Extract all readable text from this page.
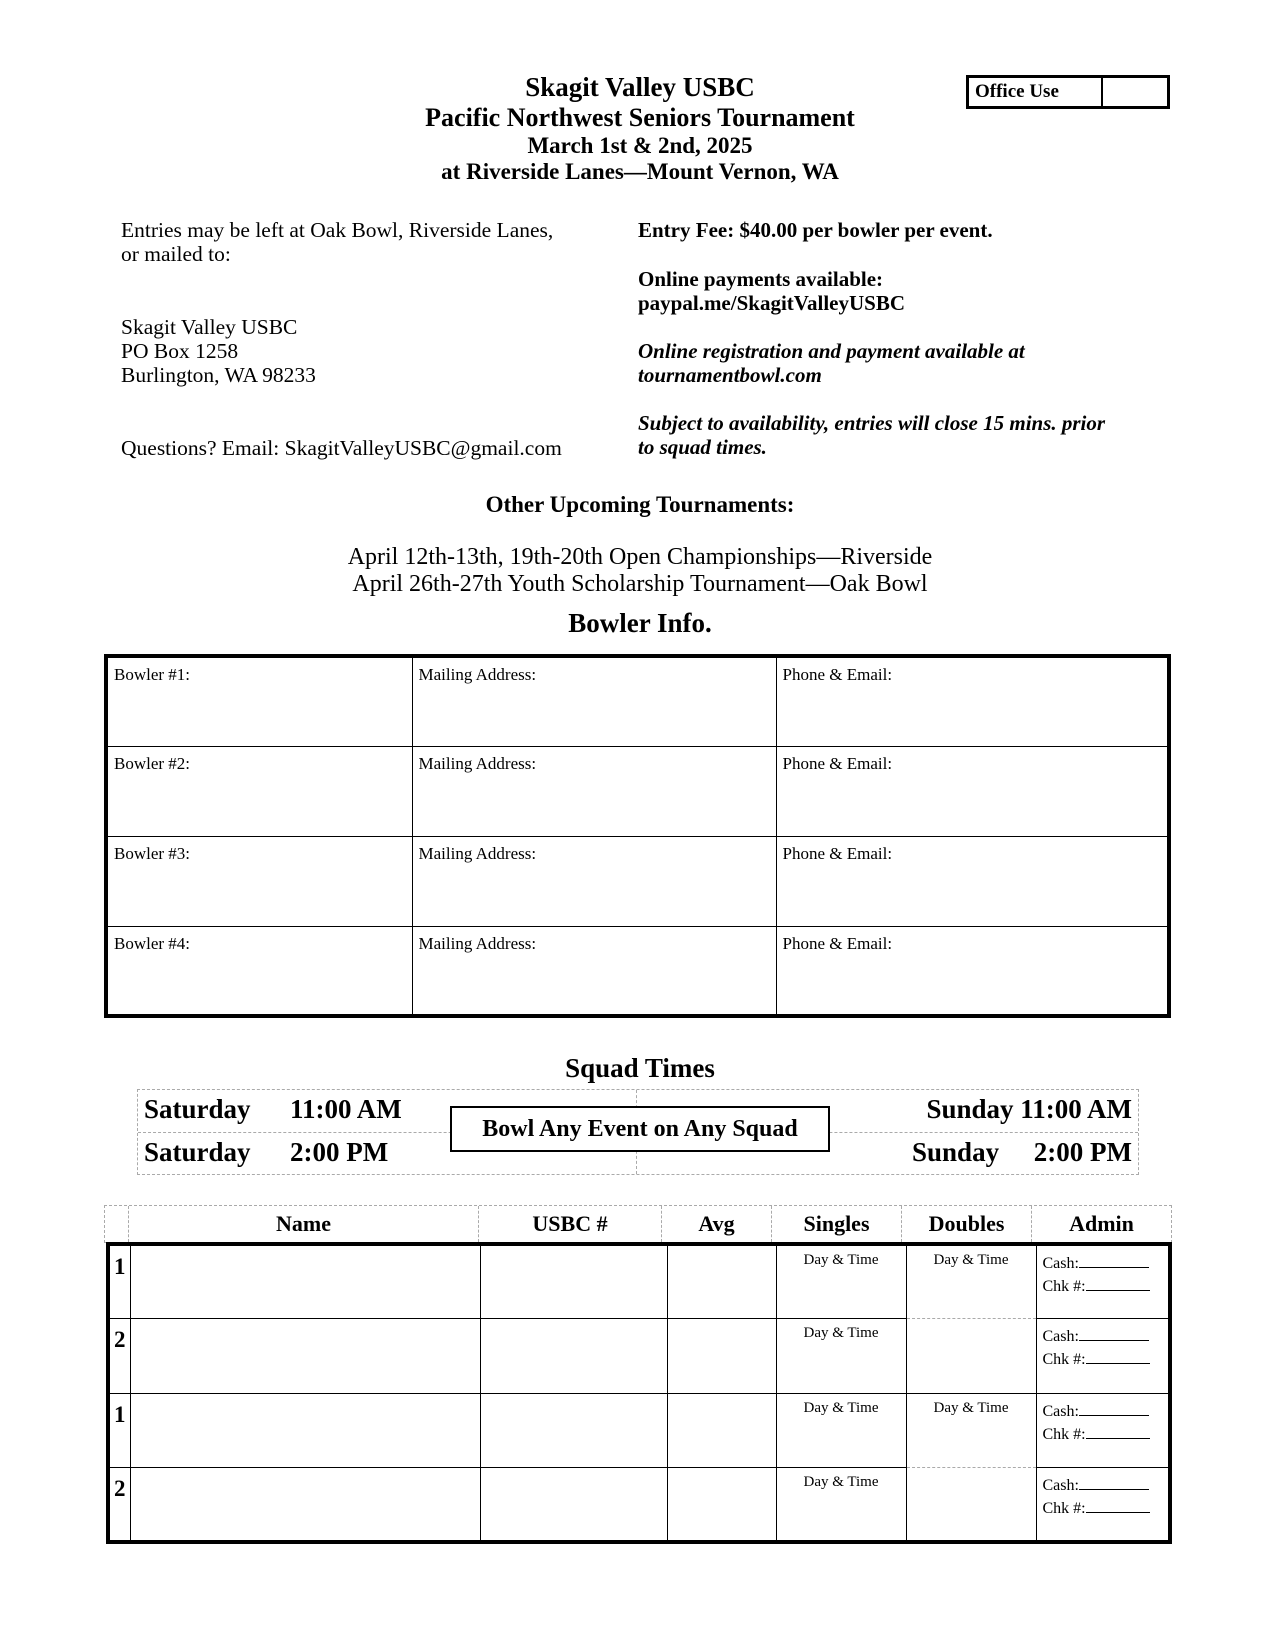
Skagit Valley USBC
Pacific Northwest Seniors Tournament
March 1st & 2nd, 2025
at Riverside Lanes—Mount Vernon, WA
Office Use
Entries may be left at Oak Bowl, Riverside Lanes,
or mailed to:
Skagit Valley USBC
PO Box 1258
Burlington, WA 98233
Questions? Email: SkagitValleyUSBC@gmail.com
Entry Fee: $40.00 per bowler per event.
Online payments available:
paypal.me/SkagitValleyUSBC
Online registration and payment available at
tournamentbowl.com
Subject to availability, entries will close 15 mins. prior
to squad times.
Other Upcoming Tournaments:
April 12th-13th, 19th-20th Open Championships—Riverside
April 26th-27th Youth Scholarship Tournament—Oak Bowl
Bowler Info.
Bowler #1:	Mailing Address:	Phone & Email:
Bowler #2:	Mailing Address:	Phone & Email:
Bowler #3:	Mailing Address:	Phone & Email:
Bowler #4:	Mailing Address:	Phone & Email:
Squad Times
Saturday 11:00 AM
Saturday 2:00 PM
Sunday 11:00 AM
Sunday 2:00 PM
Bowl Any Event on Any Squad
Name	USBC #	Avg	Singles	Doubles	Admin
1				Day & Time	Day & Time	Cash:
Chk #:

2				Day & Time		Cash:
Chk #:

1				Day & Time	Day & Time	Cash:
Chk #:

2				Day & Time		Cash:
Chk #:
